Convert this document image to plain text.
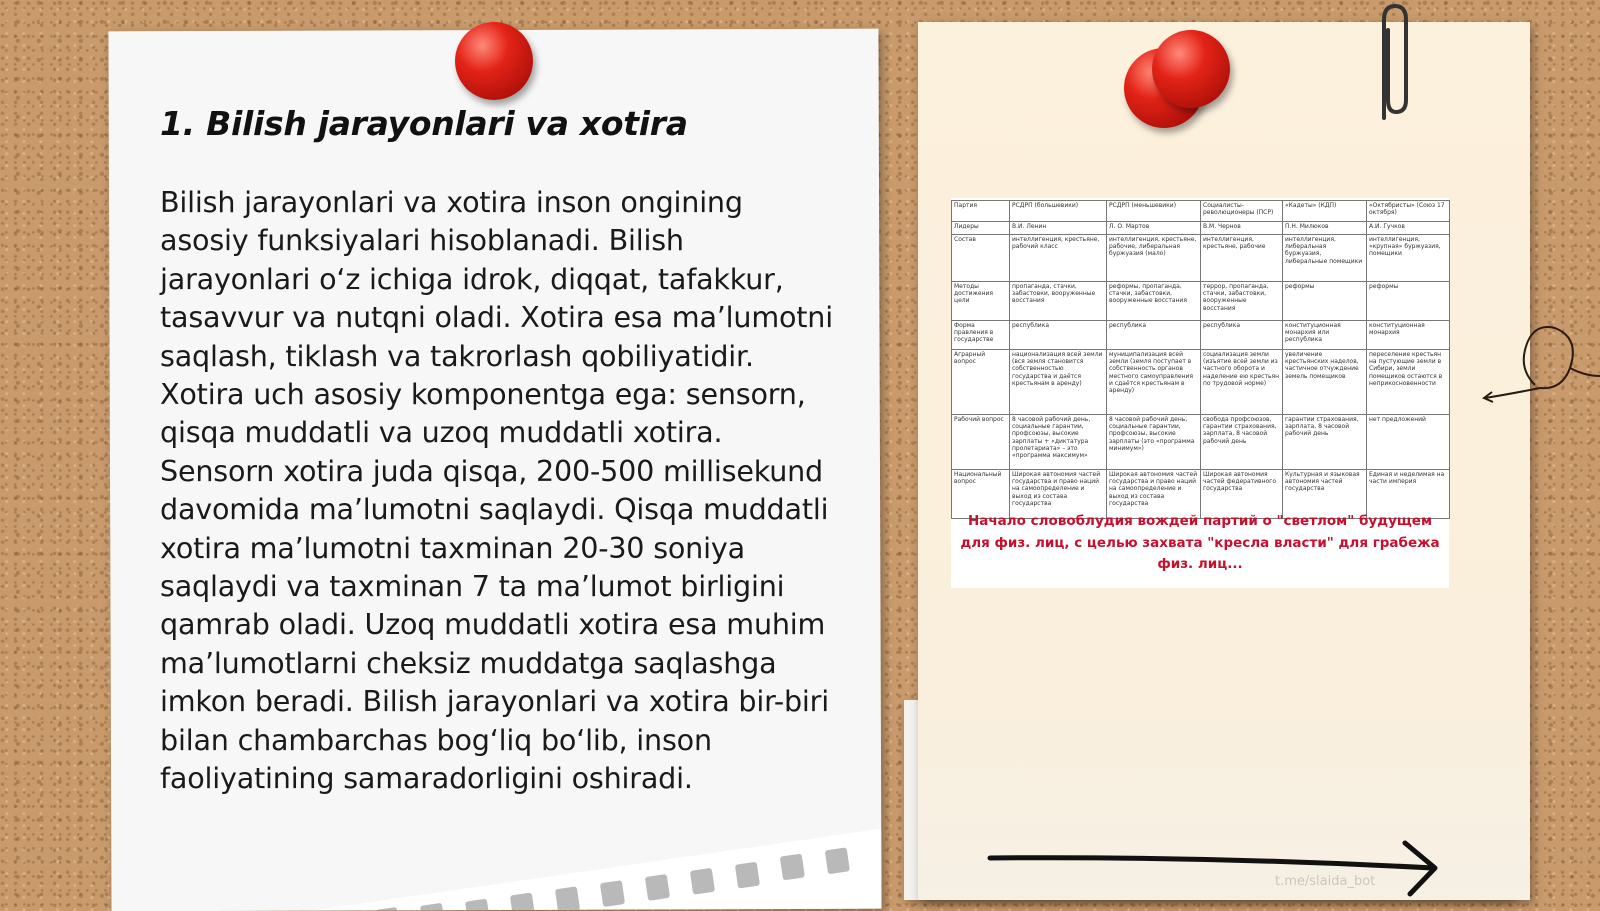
1. Bilish jarayonlari va xotira

Bilish jarayonlari va xotira inson ongining asosiy funksiyalari hisoblanadi. Bilish jarayonlari o‘z ichiga idrok, diqqat, tafakkur, tasavvur va nutqni oladi. Xotira esa ma’lumotni saqlash, tiklash va takrorlash qobiliyatidir. Xotira uch asosiy komponentga ega: sensorn, qisqa muddatli va uzoq muddatli xotira. Sensorn xotira juda qisqa, 200-500 millisekund davomida ma’lumotni saqlaydi. Qisqa muddatli xotira ma’lumotni taxminan 20-30 soniya saqlaydi va taxminan 7 ta ma’lumot birligini qamrab oladi. Uzoq muddatli xotira esa muhim ma’lumotlarni cheksiz muddatga saqlashga imkon beradi. Bilish jarayonlari va xotira bir-biri bilan chambarchas bog‘liq bo‘lib, inson faoliyatining samaradorligini oshiradi.

Партия	РСДРП (большевики)	РСДРП (меньшевики)	Социалисты-революционеры (ПСР)	«Кадеты» (КДП)	«Октябристы» (Союз 17 октября)
Лидеры	В.И. Ленин	Л. О. Мартов	В.М. Чернов	П.Н. Милюков	А.И. Гучков
Состав	интеллигенция, крестьяне, рабочий класс	интеллигенция, крестьяне, рабочие, либеральная буржуазия (мало)	интеллигенция, крестьяне, рабочие	интеллигенция, либеральная буржуазия, либеральные помещики	интеллигенция, «крупная» буржуазия, помещики
Методы достижения цели	пропаганда, стачки, забастовки, вооруженные восстания	реформы, пропаганда, стачки, забастовки, вооруженные восстания	террор, пропаганда, стачки, забастовки, вооруженные восстания	реформы	реформы
Форма правления в государстве	республика	республика	республика	конституционная монархия или республика	конституционная монархия
Аграрный вопрос	национализация всей земли (вся земля становится собственностью государства и даётся крестьянам в аренду)	муниципализация всей земли (земля поступает в собственность органов местного самоуправления и сдаётся крестьянам в аренду)	социализация земли (изъятие всей земли из частного оборота и наделение ею крестьян по трудовой норме)	увеличение крестьянских наделов, частичное отчуждение земель помещиков	переселение крестьян на пустующие земли в Сибири, земли помещиков остаются в неприкосновенности
Рабочий вопрос	8 часовой рабочий день, социальные гарантии, профсоюзы, высокие зарплаты + «диктатура пролетариата» – это «программа максимум»	8 часовой рабочий день, социальные гарантии, профсоюзы, высокие зарплаты (это «программа минимум»)	свобода профсоюзов, гарантии страхования, зарплата, 8 часовой рабочий день	гарантии страхования, зарплата, 8 часовой рабочий день	нет предложений
Национальный вопрос	Широкая автономия частей государства и право наций на самоопределение и выход из состава государства	Широкая автономия частей государства и право наций на самоопределение и выход из состава государства	Широкая автономия частей федеративного государства	Культурная и языковая автономия частей государства	Единая и неделимая на части империя

Начало словоблудия вождей партий о "светлом" будущем для физ. лиц, с целью захвата "кресла власти" для грабежа физ. лиц...

t.me/slaida_bot
